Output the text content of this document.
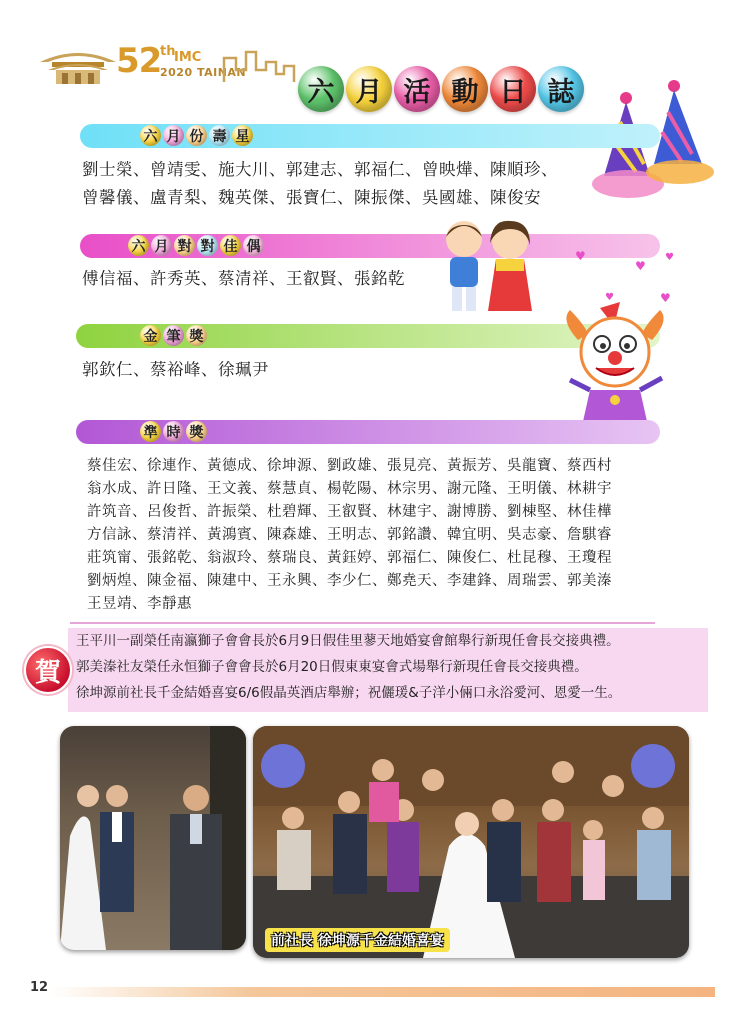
52
th
IMC
2020 TAINAN
六 月 活 動 日 誌
六 月 份 壽 星
劉士榮、曾靖雯、施大川、郭建志、郭福仁、曾映燁、陳順珍、
曾馨儀、盧青梨、魏英傑、張寶仁、陳振傑、吳國雄、陳俊安
六 月 對 對 佳 偶
傅信福、許秀英、蔡清祥、王叡賢、張銘乾
♥
♥
♥
♥	♥
金 筆 獎
郭欽仁、蔡裕峰、徐珮尹
準 時 獎
蔡佳宏、徐連作、黃德成、徐坤源、劉政雄、張見亮、黃振芳、吳龍寶、蔡西村
翁水成、許日隆、王文義、蔡慧貞、楊乾陽、林宗男、謝元隆、王明儀、林耕宇
許筑音、呂俊哲、許振榮、杜碧輝、王叡賢、林建宇、謝博勝、劉棟堅、林佳樺
方信詠、蔡清祥、黃鴻賓、陳森雄、王明志、郭銘讚、韓宜明、吳志豪、詹騏睿
莊筑甯、張銘乾、翁淑玲、蔡瑞良、黃鈺婷、郭福仁、陳俊仁、杜昆穆、王瓊程
劉炳煌、陳金福、陳建中、王永興、李少仁、鄭堯天、李建鋒、周瑞雲、郭美溱
王昱靖、李靜惠

王平川一副榮任南瀛獅子會會長於6月9日假佳里蓼天地婚宴會館舉行新現任會長交接典禮。

郭美溱社友榮任永恒獅子會會長於6月20日假東東宴會式場舉行新現任會長交接典禮。

徐坤源前社長千金結婚喜宴6/6假晶英酒店舉辦；祝儷瑗&子洋小倆口永浴愛河、恩愛一生。

賀
前社長 徐坤源千金結婚喜宴
12
